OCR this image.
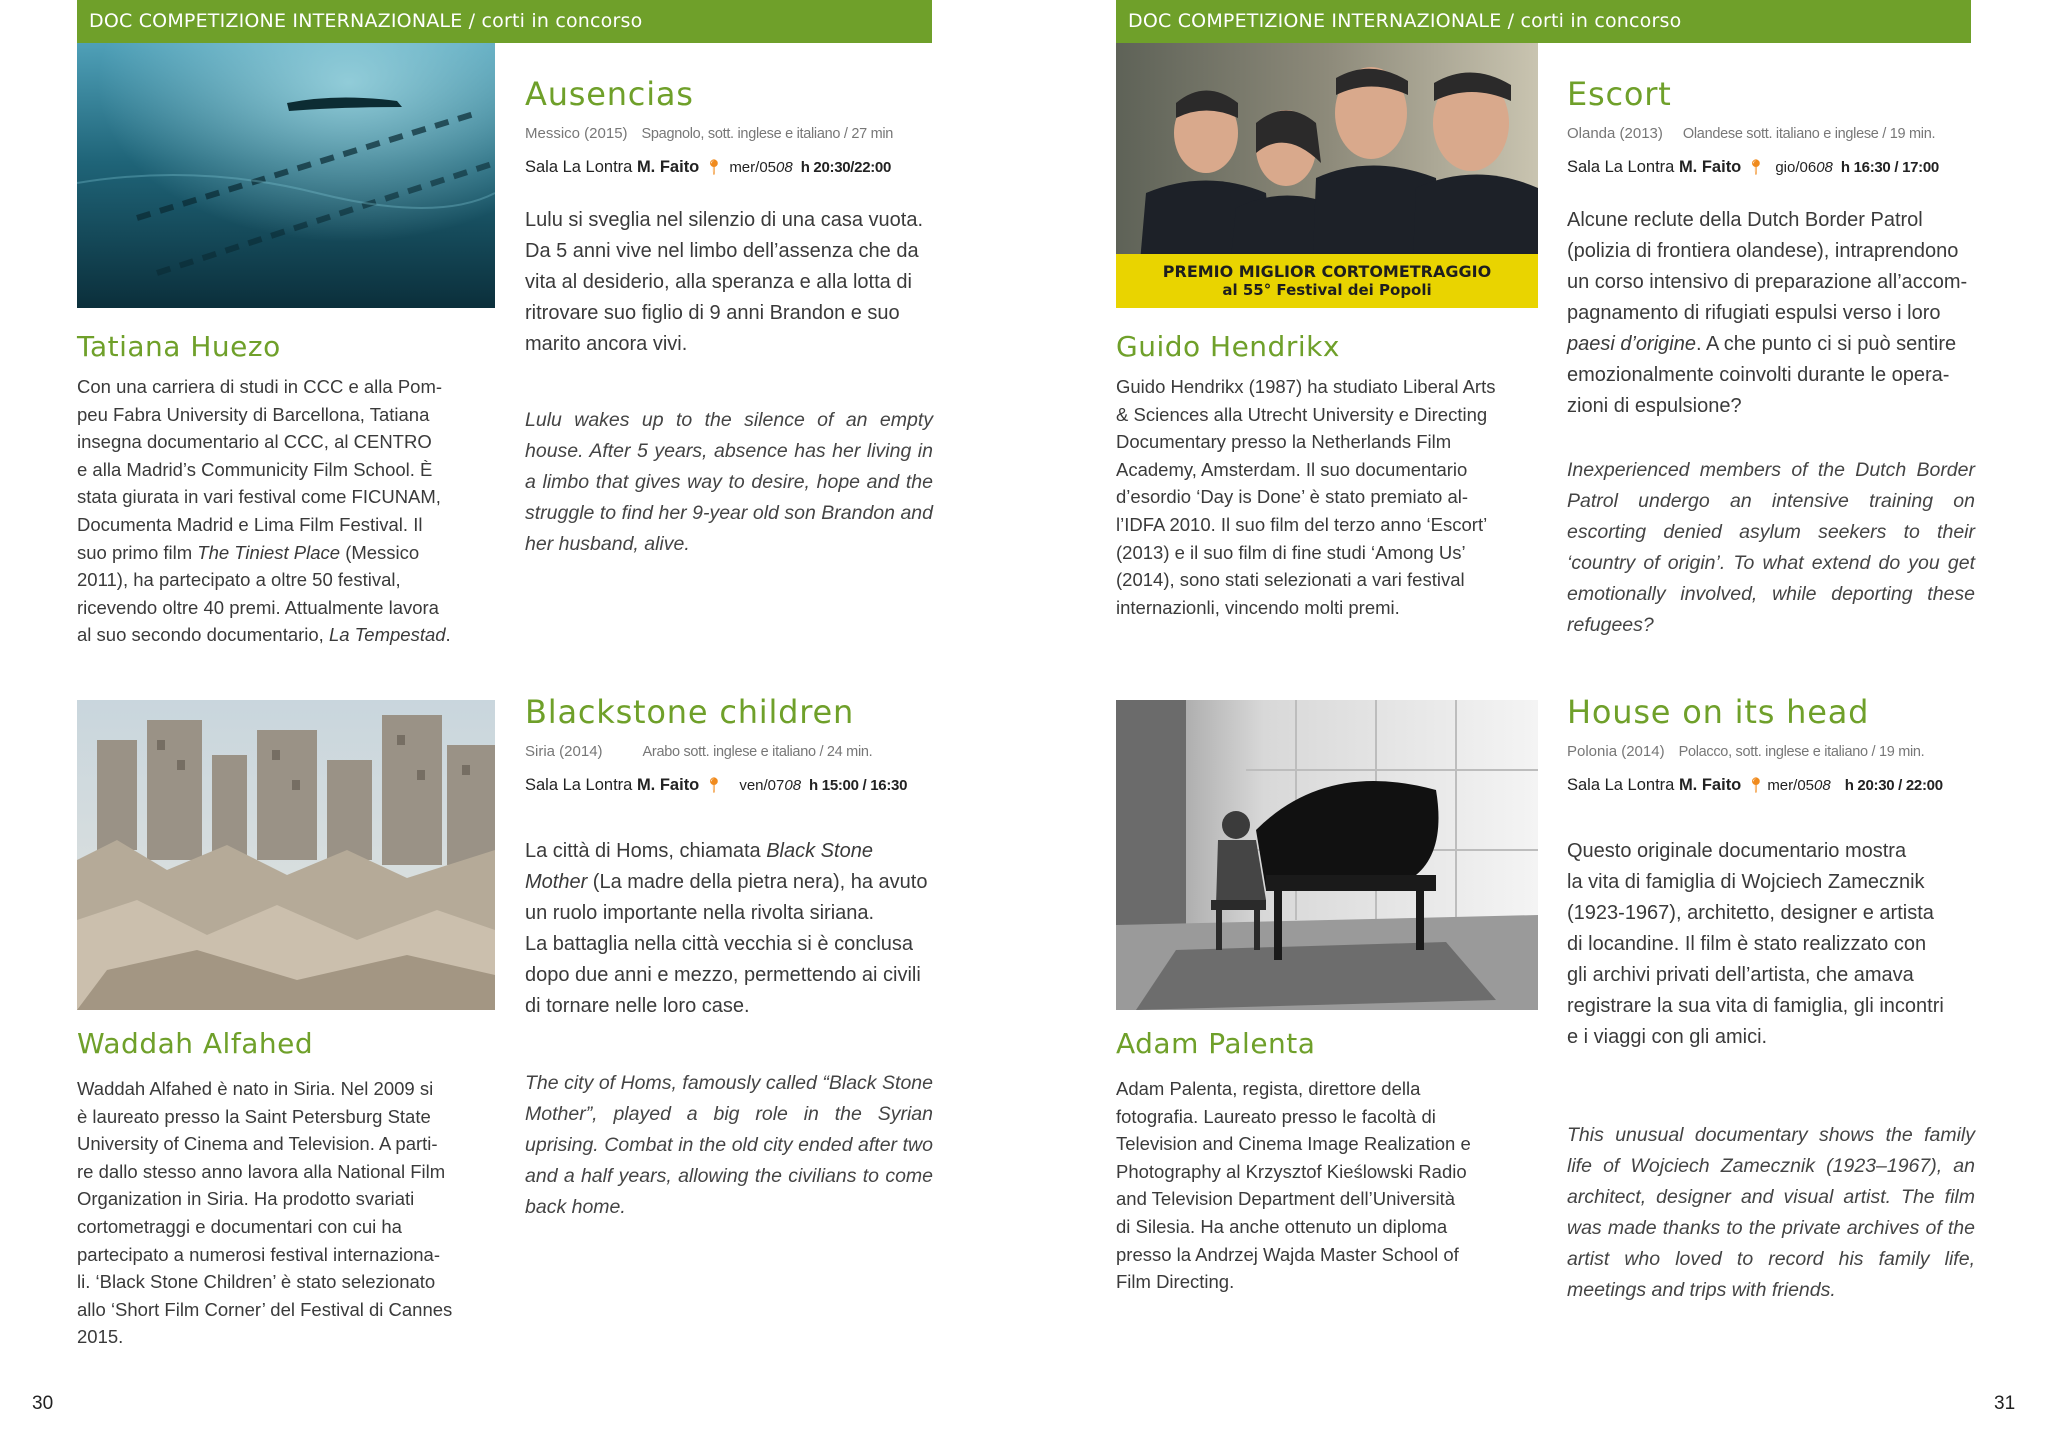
DOC COMPETIZIONE INTERNAZIONALE / corti in concorso
Tatiana Huezo
Con una carriera di studi in CCC e alla Pom-
peu Fabra University di Barcellona, Tatiana
insegna documentario al CCC, al CENTRO
e alla Madrid’s Communicity Film School. È
stata giurata in vari festival come FICUNAM,
Documenta Madrid e Lima Film Festival. Il
suo primo film The Tiniest Place (Messico
2011), ha partecipato a oltre 50 festival,
ricevendo oltre 40 premi. Attualmente lavora
al suo secondo documentario, La Tempestad.
Ausencias
Messico (2015) Spagnolo, sott. inglese e italiano / 27 min
Sala La Lontra M. Faito 📍︎ mer/0508 h 20:30/22:00
Lulu si sveglia nel silenzio di una casa vuota. Da 5 anni vive nel limbo dell’assenza che da vita al desiderio, alla speranza e alla lotta di ritrovare suo figlio di 9 anni Brandon e suo marito ancora vivi.
Lulu wakes up to the silence of an empty house. After 5 years, absence has her living in a limbo that gives way to desire, hope and the struggle to find her 9-year old son Brandon and her husband, alive.
Waddah Alfahed
Waddah Alfahed è nato in Siria. Nel 2009 si
è laureato presso la Saint Petersburg State
University of Cinema and Television. A parti-
re dallo stesso anno lavora alla National Film
Organization in Siria. Ha prodotto svariati
cortometraggi e documentari con cui ha
partecipato a numerosi festival internaziona-
li. ‘Black Stone Children’ è stato selezionato
allo ‘Short Film Corner’ del Festival di Cannes
2015.
Blackstone children
Siria (2014)	Arabo sott. inglese e italiano / 24 min.
Sala La Lontra M. Faito 📍︎ ven/0708 h 15:00 / 16:30
La città di Homs, chiamata Black Stone Mother (La madre della pietra nera), ha avuto un ruolo importante nella rivolta siriana.
La battaglia nella città vecchia si è conclusa dopo due anni e mezzo, permettendo ai civili di tornare nelle loro case.
The city of Homs, famously called “Black Stone Mother”, played a big role in the Syrian uprising. Combat in the old city ended after two and a half years, allowing the civilians to come back home.
30
DOC COMPETIZIONE INTERNAZIONALE / corti in concorso
PREMIO MIGLIOR CORTOMETRAGGIO
al 55° Festival dei Popoli
Guido Hendrikx
Guido Hendrikx (1987) ha studiato Liberal Arts
& Sciences alla Utrecht University e Directing
Documentary presso la Netherlands Film
Academy, Amsterdam. Il suo documentario
d’esordio ‘Day is Done’ è stato premiato al-
l’IDFA 2010. Il suo film del terzo anno ‘Escort’
(2013) e il suo film di fine studi ‘Among Us’
(2014), sono stati selezionati a vari festival
internazionli, vincendo molti premi.
Escort
Olanda (2013) Olandese sott. italiano e inglese / 19 min.
Sala La Lontra M. Faito 📍︎ gio/0608 h 16:30 / 17:00
Alcune reclute della Dutch Border Patrol
(polizia di frontiera olandese), intraprendono
un corso intensivo di preparazione all’accom-
pagnamento di rifugiati espulsi verso i loro
paesi d’origine. A che punto ci si può sentire
emozionalmente coinvolti durante le opera-
zioni di espulsione?
Inexperienced members of the Dutch Border Patrol undergo an intensive training on escorting denied asylum seekers to their ‘country of origin’. To what extend do you get emotionally involved, while deporting these refugees?
Adam Palenta
Adam Palenta, regista, direttore della
fotografia. Laureato presso le facoltà di
Television and Cinema Image Realization e
Photography al Krzysztof Kieślowski Radio
and Television Department dell’Università
di Silesia. Ha anche ottenuto un diploma
presso la Andrzej Wajda Master School of
Film Directing.
House on its head
Polonia (2014) Polacco, sott. inglese e italiano / 19 min.
Sala La Lontra M. Faito 📍︎ mer/0508 h 20:30 / 22:00
Questo originale documentario mostra
la vita di famiglia di Wojciech Zamecznik
(1923-1967), architetto, designer e artista
di locandine. Il film è stato realizzato con
gli archivi privati dell’artista, che amava
registrare la sua vita di famiglia, gli incontri
e i viaggi con gli amici.
This unusual documentary shows the family life of Wojciech Zamecznik (1923–1967), an architect, designer and visual artist. The film was made thanks to the private archives of the artist who loved to record his family life, meetings and trips with friends.
31
